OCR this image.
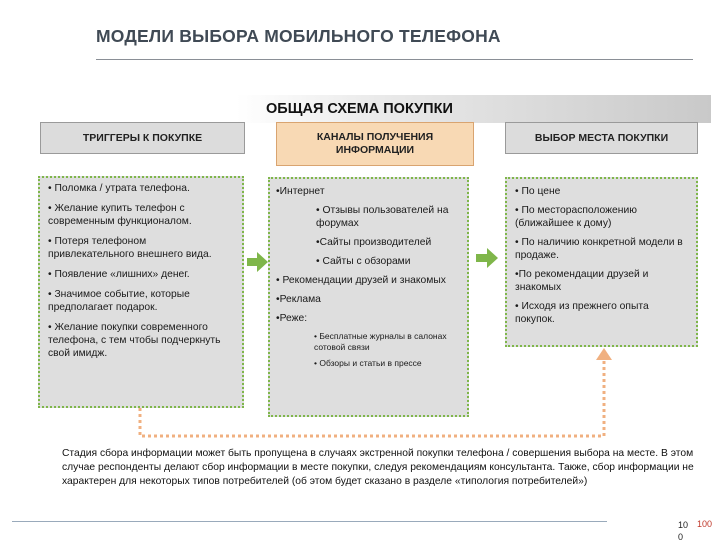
МОДЕЛИ ВЫБОРА МОБИЛЬНОГО ТЕЛЕФОНА
ОБЩАЯ СХЕМА ПОКУПКИ
ТРИГГЕРЫ К ПОКУПКЕ	КАНАЛЫ ПОЛУЧЕНИЯ ИНФОРМАЦИИ
ВЫБОР МЕСТА ПОКУПКИ
• Поломка / утрата телефона.
• Желание купить телефон с современным функционалом.
• Потеря телефоном привлекательного внешнего вида.
• Появление «лишних» денег.
• Значимое событие, которые предполагает подарок.
• Желание покупки современного телефона, с тем чтобы подчеркнуть свой имидж.
•Интернет
• Отзывы пользователей на форумах
•Сайты производителей
• Сайты с обзорами
• Рекомендации друзей и знакомых
•Реклама
•Реже:
• Бесплатные журналы в салонах сотовой связи
• Обзоры и статьи в прессе
• По цене
• По месторасположению (ближайшее к дому)
• По наличию конкретной модели в продаже.
•По рекомендации друзей и знакомых
• Исходя из прежнего опыта покупок.
Стадия сбора информации может быть пропущена в случаях экстренной покупки телефона / совершения выбора на месте. В этом случае респонденты делают сбор информации в месте покупки, следуя рекомендациям консультанта. Также, сбор информации не характерен для некоторых типов потребителей (об этом будет сказано в разделе «типология потребителей»)
10
0
100
